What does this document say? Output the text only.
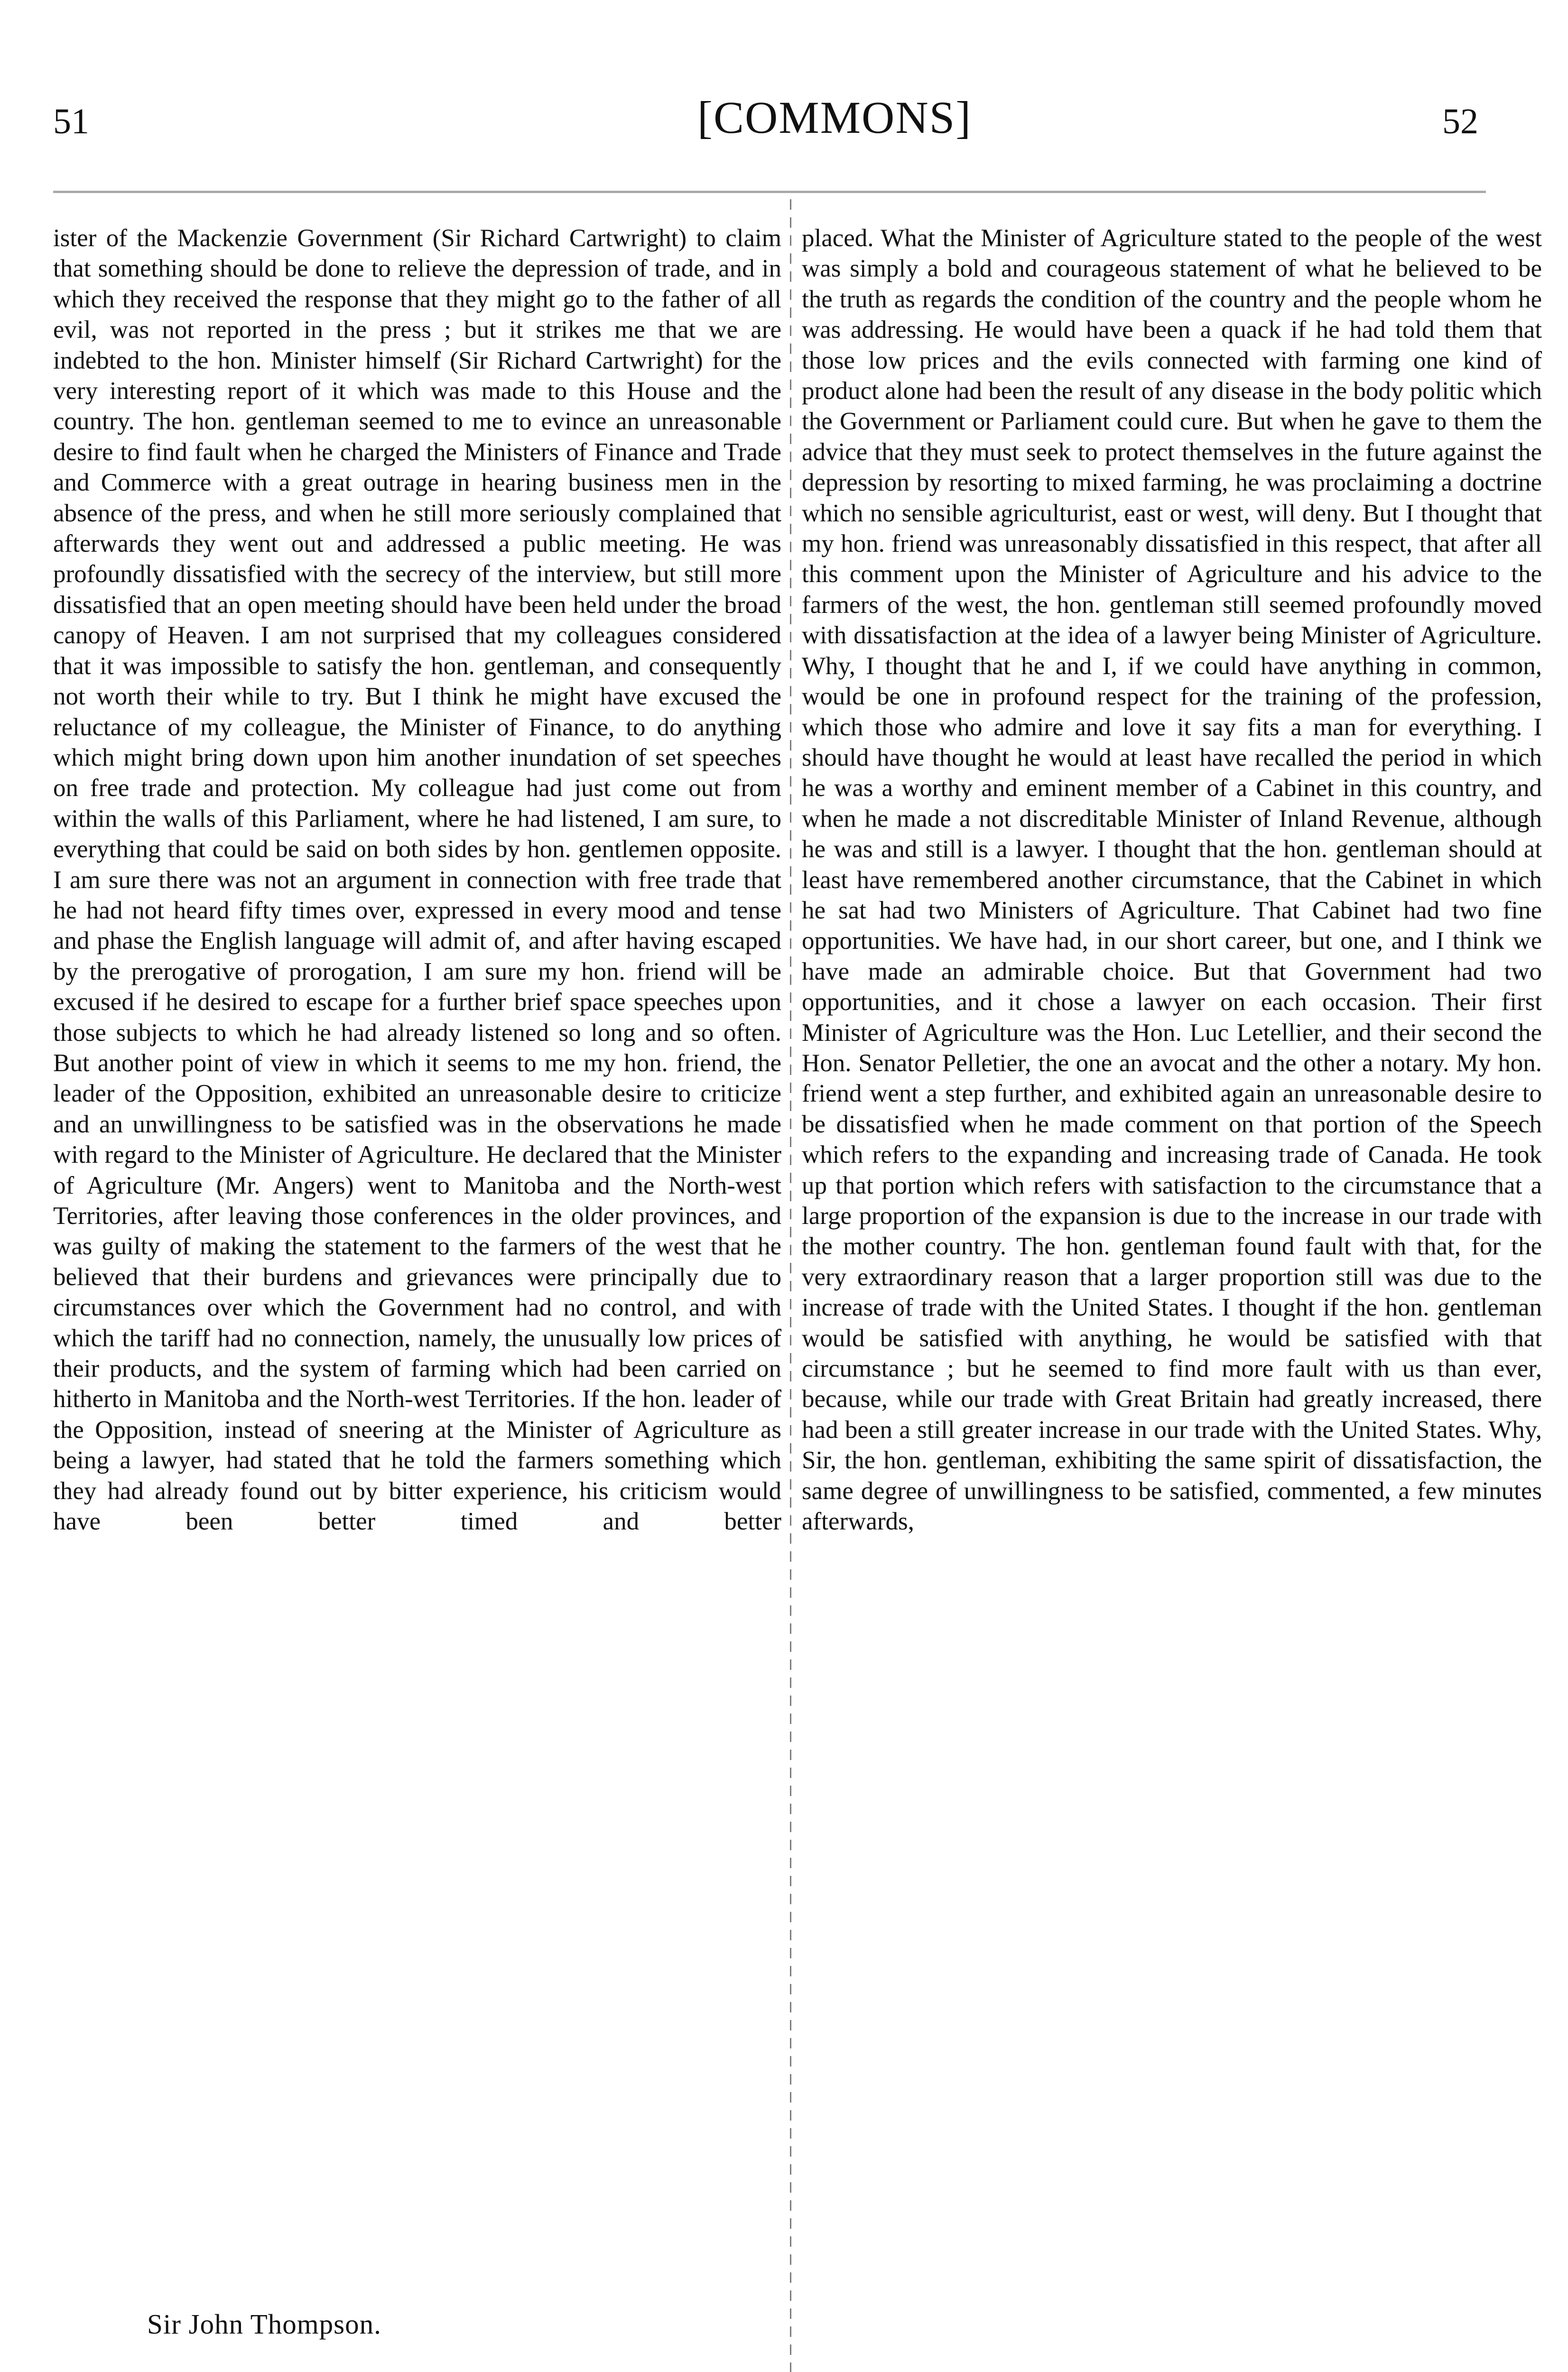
51	[COMMONS]	52
ister of the Mackenzie Government (Sir Richard Cartwright) to claim that something should be done to relieve the depression of trade, and in which they received the response that they might go to the father of all evil, was not reported in the press ; but it strikes me that we are indebted to the hon. Minister himself (Sir Richard Cartwright) for the very interesting report of it which was made to this House and the country. The hon. gentleman seemed to me to evince an unreasonable desire to find fault when he charged the Ministers of Finance and Trade and Commerce with a great outrage in hearing business men in the absence of the press, and when he still more seriously complained that afterwards they went out and addressed a public meeting. He was profoundly dissatisfied with the secrecy of the interview, but still more dissatisfied that an open meeting should have been held under the broad canopy of Heaven. I am not surprised that my colleagues considered that it was impossible to satisfy the hon. gentleman, and consequently not worth their while to try. But I think he might have excused the reluctance of my colleague, the Minister of Finance, to do anything which might bring down upon him another inundation of set speeches on free trade and protection. My colleague had just come out from within the walls of this Parliament, where he had listened, I am sure, to everything that could be said on both sides by hon. gentlemen opposite. I am sure there was not an argument in connection with free trade that he had not heard fifty times over, expressed in every mood and tense and phase the English language will admit of, and after having escaped by the prerogative of prorogation, I am sure my hon. friend will be excused if he desired to escape for a further brief space speeches upon those subjects to which he had already listened so long and so often. But another point of view in which it seems to me my hon. friend, the leader of the Opposition, exhibited an unreasonable desire to criticize and an unwillingness to be satisfied was in the observations he made with regard to the Minister of Agriculture. He declared that the Minister of Agriculture (Mr. Angers) went to Manitoba and the North-west Territories, after leaving those conferences in the older provinces, and was guilty of making the statement to the farmers of the west that he believed that their burdens and grievances were principally due to circumstances over which the Government had no control, and with which the tariff had no connection, namely, the unusually low prices of their products, and the system of farming which had been carried on hitherto in Manitoba and the North-west Territories. If the hon. leader of the Opposition, instead of sneering at the Minister of Agriculture as being a lawyer, had stated that he told the farmers something which they had already found out by bitter experience, his criticism would have been better timed and better
placed. What the Minister of Agriculture stated to the people of the west was simply a bold and courageous statement of what he believed to be the truth as regards the condition of the country and the people whom he was addressing. He would have been a quack if he had told them that those low prices and the evils connected with farming one kind of product alone had been the result of any disease in the body politic which the Government or Parliament could cure. But when he gave to them the advice that they must seek to protect themselves in the future against the depression by resorting to mixed farming, he was proclaiming a doctrine which no sensible agriculturist, east or west, will deny. But I thought that my hon. friend was unreasonably dissatisfied in this respect, that after all this comment upon the Minister of Agriculture and his advice to the farmers of the west, the hon. gentleman still seemed profoundly moved with dissatisfaction at the idea of a lawyer being Minister of Agriculture. Why, I thought that he and I, if we could have anything in common, would be one in profound respect for the training of the profession, which those who admire and love it say fits a man for everything. I should have thought he would at least have recalled the period in which he was a worthy and eminent member of a Cabinet in this country, and when he made a not discreditable Minister of Inland Revenue, although he was and still is a lawyer. I thought that the hon. gentleman should at least have remembered another circumstance, that the Cabinet in which he sat had two Ministers of Agriculture. That Cabinet had two fine opportunities. We have had, in our short career, but one, and I think we have made an admirable choice. But that Government had two opportunities, and it chose a lawyer on each occasion. Their first Minister of Agriculture was the Hon. Luc Letellier, and their second the Hon. Senator Pelletier, the one an avocat and the other a notary. My hon. friend went a step further, and exhibited again an unreasonable desire to be dissatisfied when he made comment on that portion of the Speech which refers to the expanding and increasing trade of Canada. He took up that portion which refers with satisfaction to the circumstance that a large proportion of the expansion is due to the increase in our trade with the mother country. The hon. gentleman found fault with that, for the very extraordinary reason that a larger proportion still was due to the increase of trade with the United States. I thought if the hon. gentleman would be satisfied with anything, he would be satisfied with that circumstance ; but he seemed to find more fault with us than ever, because, while our trade with Great Britain had greatly increased, there had been a still greater increase in our trade with the United States. Why, Sir, the hon. gentleman, exhibiting the same spirit of dissatisfaction, the same degree of unwillingness to be satisfied, commented, a few minutes afterwards,
Sir John Thompson.
